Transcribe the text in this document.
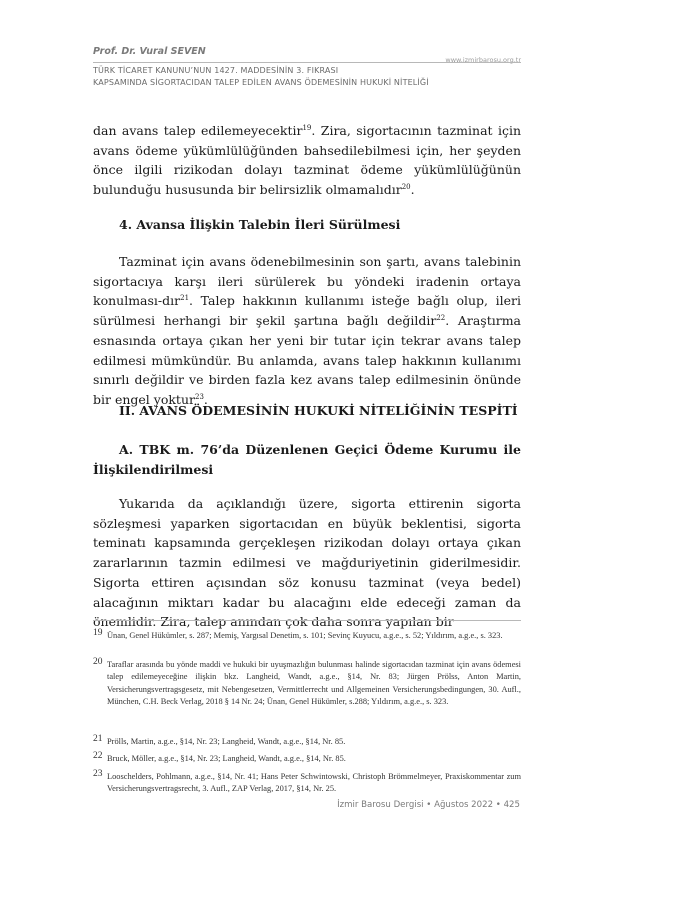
Prof. Dr. Vural SEVEN
www.izmirbarosu.org.tr
TÜRK TİCARET KANUNU’NUN 1427. MADDESİNİN 3. FIKRASI
KAPSAMINDA SİGORTACIDAN TALEP EDİLEN AVANS ÖDEMESİNİN HUKUKİ NİTELİĞİ

dan avans talep edilemeyecektir$^{19}$. Zira, sigortacının tazminat için avans ödeme yükümlülüğünden bahsedilebilmesi için, her şeyden önce ilgili rizikodan dolayı tazminat ödeme yükümlülüğünün bulunduğu hususunda bir belirsizlik olmamalıdır$^{20}$.

4. Avansa İlişkin Talebin İleri Sürülmesi

Tazminat için avans ödenebilmesinin son şartı, avans talebinin sigortacıya karşı ileri sürülerek bu yöndeki iradenin ortaya konulması-dır$^{21}$. Talep hakkının kullanımı isteğe bağlı olup, ileri sürülmesi herhangi bir şekil şartına bağlı değildir$^{22}$. Araştırma esnasında ortaya çıkan her yeni bir tutar için tekrar avans talep edilmesi mümkündür. Bu anlamda, avans talep hakkının kullanımı sınırlı değildir ve birden fazla kez avans talep edilmesinin önünde bir engel yoktur$^{23}$.

II. AVANS ÖDEMESİNİN HUKUKİ NİTELİĞİNİN TESPİTİ
A. TBK m. 76’da Düzenlenen Geçici Ödeme Kurumu ile İlişkilendirilmesi

Yukarıda da açıklandığı üzere, sigorta ettirenin sigorta sözleşmesi yaparken sigortacıdan en büyük beklentisi, sigorta teminatı kapsamında gerçekleşen rizikodan dolayı ortaya çıkan zararlarının tazmin edilmesi ve mağduriyetinin giderilmesidir. Sigorta ettiren açısından söz konusu tazminat (veya bedel) alacağının miktarı kadar bu alacağını elde edeceği zaman da önemlidir. Zira, talep anından çok daha sonra yapılan bir

19 Ünan, Genel Hükümler, s. 287; Memiş, Yargısal Denetim, s. 101; Sevinç Kuyucu, a.g.e., s. 52; Yıldırım, a.g.e., s. 323.
20 Taraflar arasında bu yönde maddi ve hukuki bir uyuşmazlığın bulunması halinde sigortacıdan tazminat için avans ödemesi talep edilemeyeceğine ilişkin bkz. Langheid, Wandt, a.g.e., §14, Nr. 83; Jürgen Prölss, Anton Martin, Versicherungsvertragsgesetz, mit Nebengesetzen, Vermittlerrecht und Allgemeinen Versicherungsbedingungen, 30. Aufl., München, C.H. Beck Verlag, 2018 § 14 Nr. 24; Ünan, Genel Hükümler, s.288; Yıldırım, a.g.e., s. 323.
21 Prölls, Martin, a.g.e., §14, Nr. 23; Langheid, Wandt, a.g.e., §14, Nr. 85.
22 Bruck, Möller, a.g.e., §14, Nr. 23; Langheid, Wandt, a.g.e., §14, Nr. 85.
23 Looschelders, Pohlmann, a.g.e., §14, Nr. 41; Hans Peter Schwintowski, Christoph Brömmelmeyer, Praxiskommentar zum Versicherungsvertragsrecht, 3. Aufl., ZAP Verlag, 2017, §14, Nr. 25.
İzmir Barosu Dergisi • Ağustos 2022 • 425
